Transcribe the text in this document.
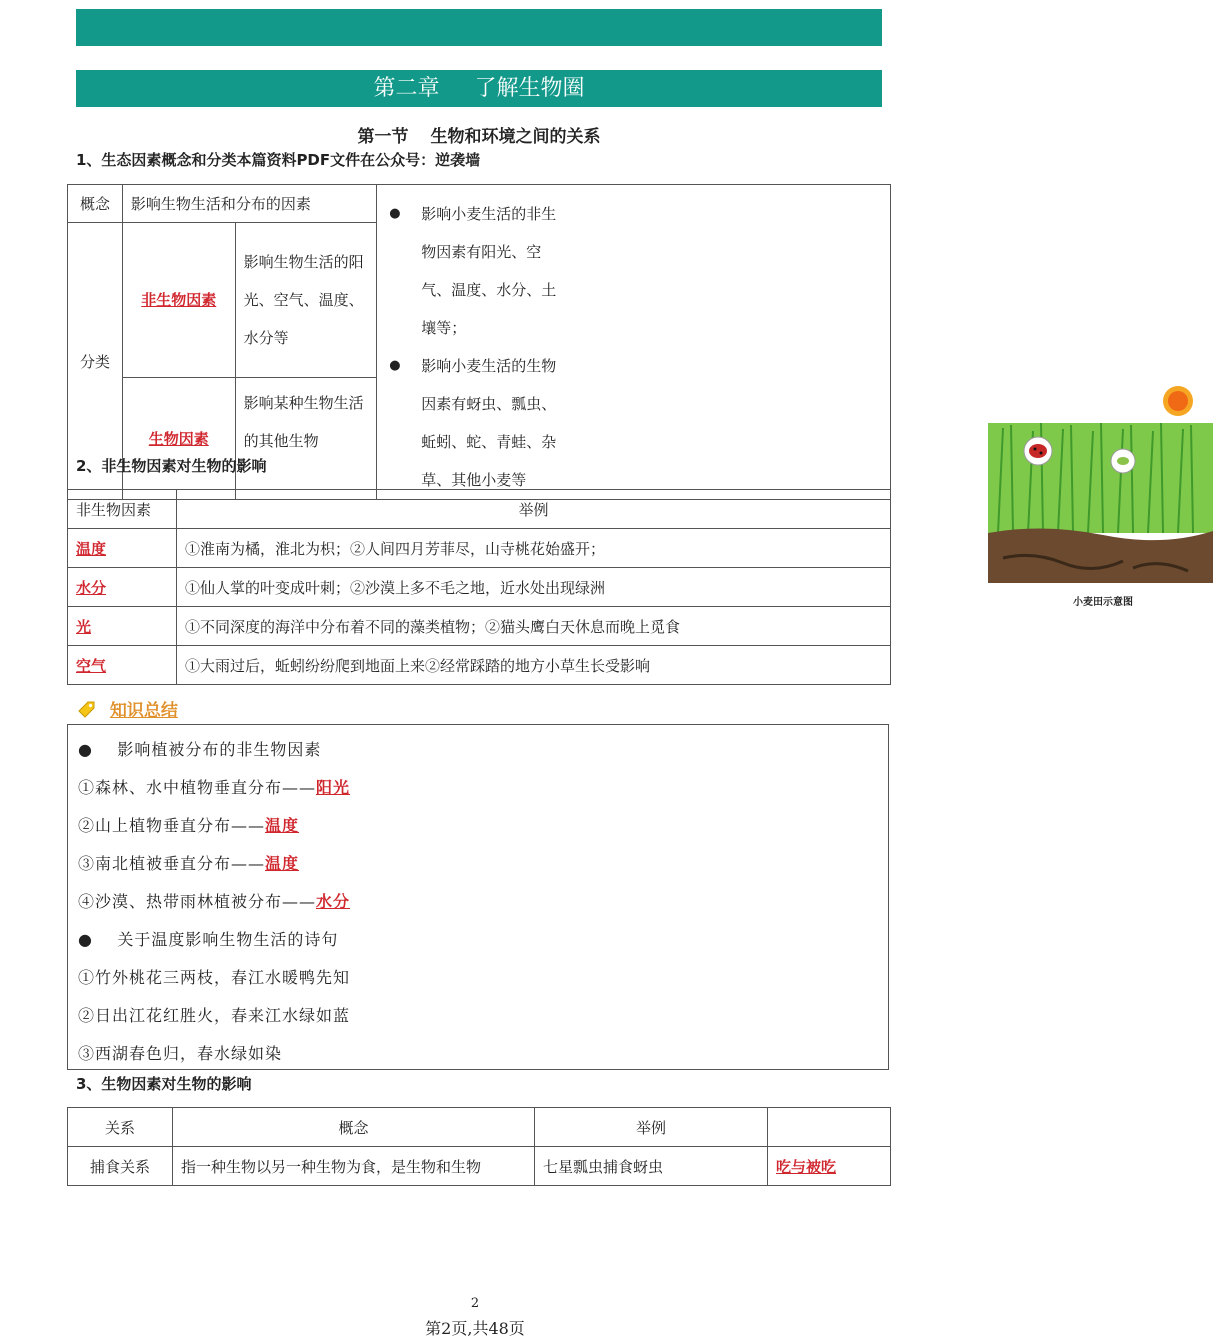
第二章 了解生物圈
第一节 生物和环境之间的关系
1、生态因素概念和分类本篇资料PDF文件在公众号：逆袭墙
概念	影响生物生活和分布的因素		● 影响小麦生活的非生物因素有阳光、空气、温度、水分、土壤等；
● 影响小麦生活的生物因素有蚜虫、瓢虫、蚯蚓、蛇、青蛙、杂草、其他小麦等
小麦田示意图

分类	非生物因素	影响生物生活的阳光、空气、温度、水分等	

	生物因素	影响某种生物生活的其他生物	

2、非生物因素对生物的影响
非生物因素	举例
温度	①淮南为橘，淮北为枳；②人间四月芳菲尽，山寺桃花始盛开；
水分	①仙人掌的叶变成叶刺；②沙漠上多不毛之地，近水处出现绿洲
光	①不同深度的海洋中分布着不同的藻类植物；②猫头鹰白天休息而晚上觅食
空气	①大雨过后，蚯蚓纷纷爬到地面上来②经常踩踏的地方小草生长受影响
知识总结
●    影响植被分布的非生物因素
①森林、水中植物垂直分布——阳光
②山上植物垂直分布——温度
③南北植被垂直分布——温度
④沙漠、热带雨林植被分布——水分
●    关于温度影响生物生活的诗句
①竹外桃花三两枝，春江水暖鸭先知
②日出江花红胜火，春来江水绿如蓝
③西湖春色归，春水绿如染
3、生物因素对生物的影响
关系	概念	举例	
捕食关系	指一种生物以另一种生物为食，是生物和生物	七星瓢虫捕食蚜虫	吃与被吃
2
第2页,共48页
